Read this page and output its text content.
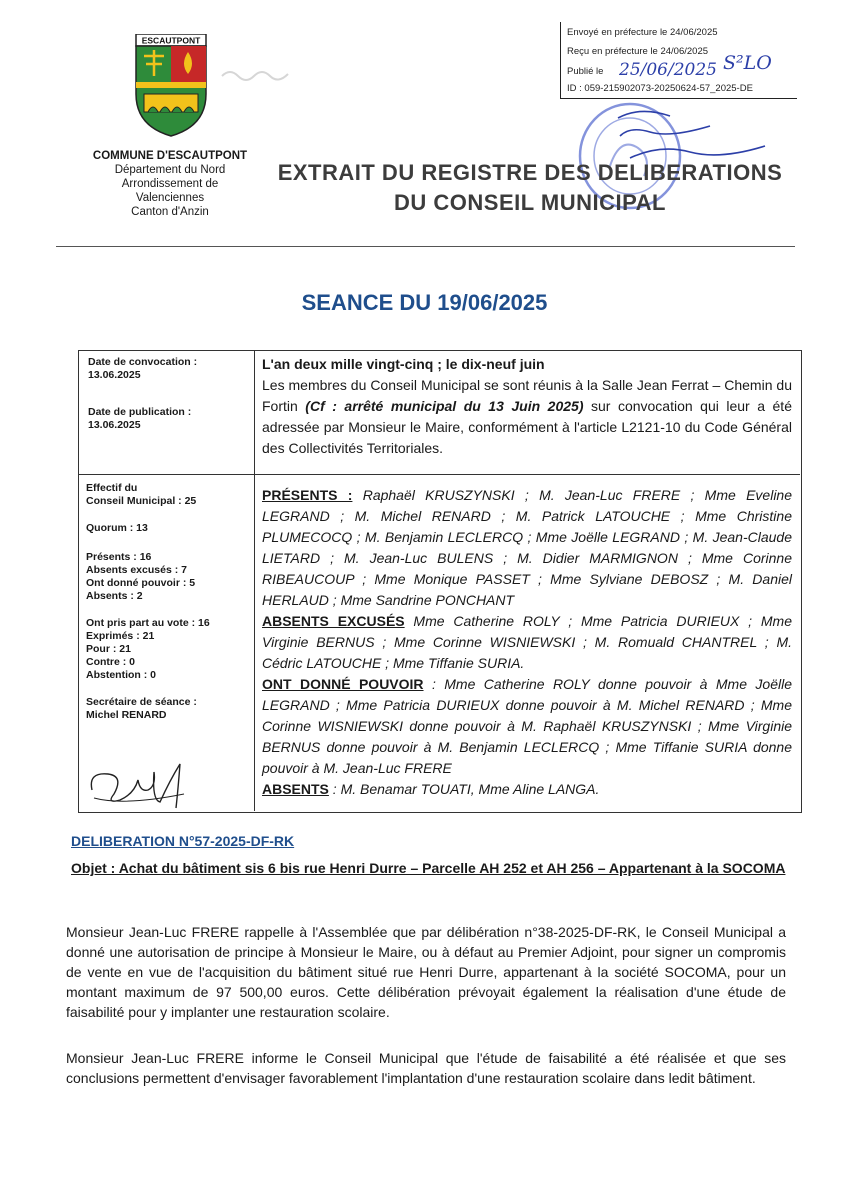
ESCAUTPONT
COMMUNE D'ESCAUTPONT
Département du Nord
Arrondissement de
Valenciennes
Canton d'Anzin
Envoyé en préfecture le 24/06/2025
Reçu en préfecture le 24/06/2025
Publié le 25/06/2025 S²LO
ID : 059-215902073-20250624-57_2025-DE
EXTRAIT DU REGISTRE DES DELIBERATIONS
DU CONSEIL MUNICIPAL
SEANCE DU 19/06/2025
Date de convocation :
13.06.2025
Date de publication :
13.06.2025
Effectif du
Conseil Municipal : 25
Quorum : 13
Présents : 16
Absents excusés : 7
Ont donné pouvoir : 5
Absents : 2
Ont pris part au vote : 16
Exprimés : 21
Pour : 21
Contre : 0
Abstention : 0
Secrétaire de séance :
Michel RENARD

L'an deux mille vingt-cinq ; le dix-neuf juin

Les membres du Conseil Municipal se sont réunis à la Salle Jean Ferrat – Chemin du Fortin (Cf : arrêté municipal du 13 Juin 2025) sur convocation qui leur a été adressée par Monsieur le Maire, conformément à l'article L2121-10 du Code Général des Collectivités Territoriales.

PRÉSENTS : Raphaël KRUSZYNSKI ; M. Jean-Luc FRERE ; Mme Eveline LEGRAND ; M. Michel RENARD ; M. Patrick LATOUCHE ; Mme Christine PLUMECOCQ ; M. Benjamin LECLERCQ ; Mme Joëlle LEGRAND ; M. Jean-Claude LIETARD ; M. Jean-Luc BULENS ; M. Didier MARMIGNON ; Mme Corinne RIBEAUCOUP ; Mme Monique PASSET ; Mme Sylviane DEBOSZ ; M. Daniel HERLAUD ; Mme Sandrine PONCHANT

ABSENTS EXCUSÉS Mme Catherine ROLY ; Mme Patricia DURIEUX ; Mme Virginie BERNUS ; Mme Corinne WISNIEWSKI ; M. Romuald CHANTREL ; M. Cédric LATOUCHE ; Mme Tiffanie SURIA.

ONT DONNÉ POUVOIR : Mme Catherine ROLY donne pouvoir à Mme Joëlle LEGRAND ; Mme Patricia DURIEUX donne pouvoir à M. Michel RENARD ; Mme Corinne WISNIEWSKI donne pouvoir à M. Raphaël KRUSZYNSKI ; Mme Virginie BERNUS donne pouvoir à M. Benjamin LECLERCQ ; Mme Tiffanie SURIA donne pouvoir à M. Jean-Luc FRERE

ABSENTS : M. Benamar TOUATI, Mme Aline LANGA.

DELIBERATION N°57-2025-DF-RK
Objet : Achat du bâtiment sis 6 bis rue Henri Durre – Parcelle AH 252 et AH 256 – Appartenant à la SOCOMA
Monsieur Jean-Luc FRERE rappelle à l'Assemblée que par délibération n°38-2025-DF-RK, le Conseil Municipal a donné une autorisation de principe à Monsieur le Maire, ou à défaut au Premier Adjoint, pour signer un compromis de vente en vue de l'acquisition du bâtiment situé rue Henri Durre, appartenant à la société SOCOMA, pour un montant maximum de 97 500,00 euros. Cette délibération prévoyait également la réalisation d'une étude de faisabilité pour y implanter une restauration scolaire.
Monsieur Jean-Luc FRERE informe le Conseil Municipal que l'étude de faisabilité a été réalisée et que ses conclusions permettent d'envisager favorablement l'implantation d'une restauration scolaire dans ledit bâtiment.
